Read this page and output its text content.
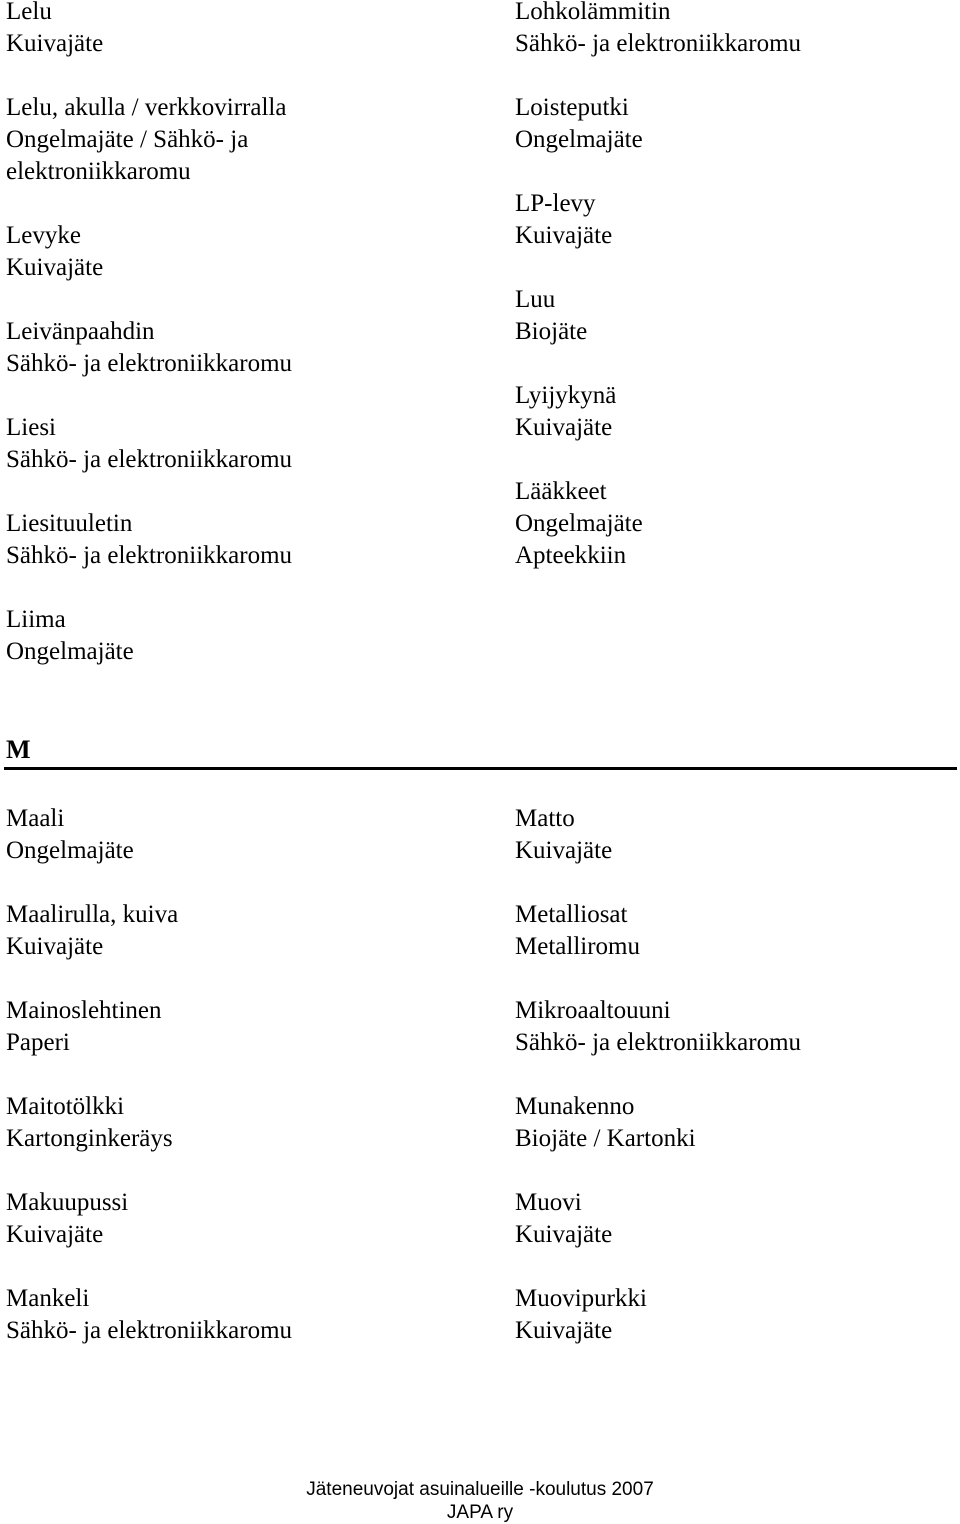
Lelu
Kuivajäte
Lelu, akulla / verkkovirralla
Ongelmajäte / Sähkö- ja elektroniikkaromu
Levyke
Kuivajäte
Leivänpaahdin
Sähkö- ja elektroniikkaromu
Liesi
Sähkö- ja elektroniikkaromu
Liesituuletin
Sähkö- ja elektroniikkaromu
Liima
Ongelmajäte
Lohkolämmitin
Sähkö- ja elektroniikkaromu
Loisteputki
Ongelmajäte
LP-levy
Kuivajäte
Luu
Biojäte
Lyijykynä
Kuivajäte
Lääkkeet
Ongelmajäte
Apteekkiin
M
Maali
Ongelmajäte
Maalirulla, kuiva
Kuivajäte
Mainoslehtinen
Paperi
Maitotölkki
Kartonginkeräys
Makuupussi
Kuivajäte
Mankeli
Sähkö- ja elektroniikkaromu
Matto
Kuivajäte
Metalliosat
Metalliromu
Mikroaaltouuni
Sähkö- ja elektroniikkaromu
Munakenno
Biojäte / Kartonki
Muovi
Kuivajäte
Muovipurkki
Kuivajäte
Jäteneuvojat asuinalueille -koulutus 2007
JAPA ry
